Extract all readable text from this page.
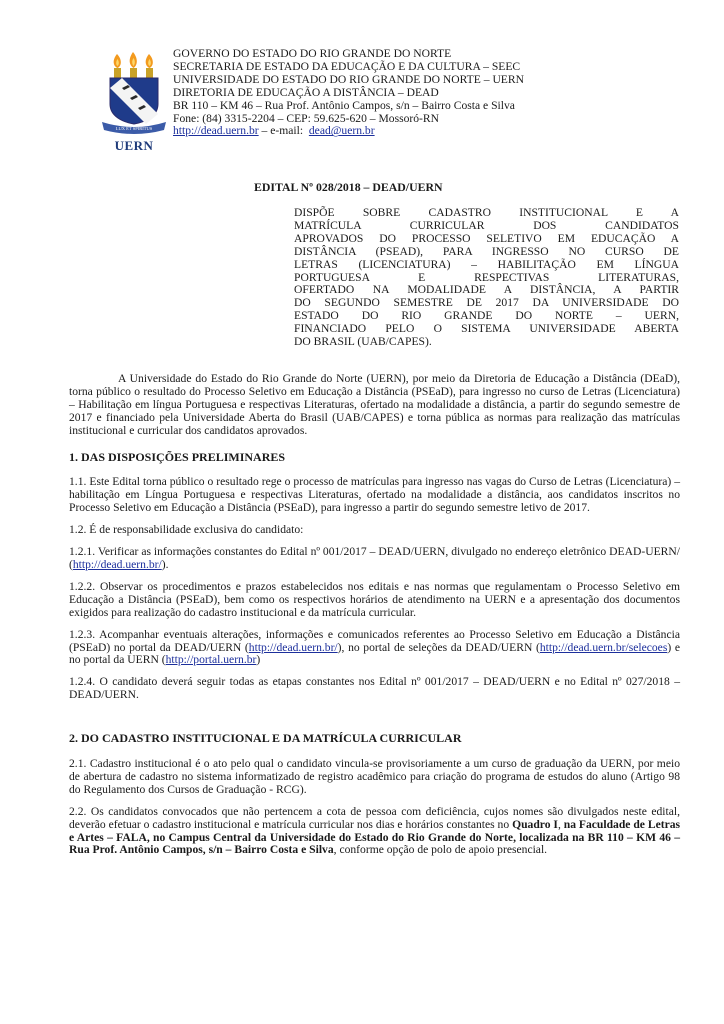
LUX ET SPIRITUS
UERN
GOVERNO DO ESTADO DO RIO GRANDE DO NORTE
SECRETARIA DE ESTADO DA EDUCAÇÃO E DA CULTURA – SEEC
UNIVERSIDADE DO ESTADO DO RIO GRANDE DO NORTE – UERN
DIRETORIA DE EDUCAÇÃO A DISTÂNCIA – DEAD
BR 110 – KM 46 – Rua Prof. Antônio Campos, s/n – Bairro Costa e Silva
Fone: (84) 3315-2204 – CEP: 59.625-620 – Mossoró-RN
http://dead.uern.br – e-mail:  dead@uern.br
EDITAL Nº 028/2018 – DEAD/UERN
DISPÕE SOBRE CADASTRO INSTITUCIONAL E A
MATRÍCULA CURRICULAR DOS CANDIDATOS
APROVADOS DO PROCESSO SELETIVO EM EDUCAÇÃO A
DISTÂNCIA (PSEAD), PARA INGRESSO NO CURSO DE
LETRAS (LICENCIATURA) – HABILITAÇÃO EM LÍNGUA
PORTUGUESA E RESPECTIVAS LITERATURAS,
OFERTADO NA MODALIDADE A DISTÂNCIA, A PARTIR
DO SEGUNDO SEMESTRE DE 2017 DA UNIVERSIDADE DO
ESTADO DO RIO GRANDE DO NORTE – UERN,
FINANCIADO PELO O SISTEMA UNIVERSIDADE ABERTA
DO BRASIL (UAB/CAPES).

A Universidade do Estado do Rio Grande do Norte (UERN), por meio da Diretoria de Educação a Distância (DEaD), torna público o resultado do Processo Seletivo em Educação a Distância (PSEaD), para ingresso no curso de Letras (Licenciatura) – Habilitação em língua Portuguesa e respectivas Literaturas, ofertado na modalidade a distância, a partir do segundo semestre de 2017 e financiado pela Universidade Aberta do Brasil (UAB/CAPES) e torna pública as normas para realização das matrículas institucional e curricular dos candidatos aprovados.

1. DAS DISPOSIÇÕES PRELIMINARES

1.1. Este Edital torna público o resultado rege o processo de matrículas para ingresso nas vagas do Curso de Letras (Licenciatura) –habilitação em Língua Portuguesa e respectivas Literaturas, ofertado na modalidade a distância, aos candidatos inscritos no Processo Seletivo em Educação a Distância (PSEaD), para ingresso a partir do segundo semestre letivo de 2017.

1.2. É de responsabilidade exclusiva do candidato:

1.2.1. Verificar as informações constantes do Edital nº 001/2017 – DEAD/UERN, divulgado no endereço eletrônico DEAD-UERN/ (http://dead.uern.br/).

1.2.2. Observar os procedimentos e prazos estabelecidos nos editais e nas normas que regulamentam o Processo Seletivo em Educação a Distância (PSEaD), bem como os respectivos horários de atendimento na UERN e a apresentação dos documentos exigidos para realização do cadastro institucional e da matrícula curricular.

1.2.3. Acompanhar eventuais alterações, informações e comunicados referentes ao Processo Seletivo em Educação a Distância (PSEaD) no portal da DEAD/UERN (http://dead.uern.br/), no portal de seleções da DEAD/UERN (http://dead.uern.br/selecoes) e no portal da UERN (http://portal.uern.br)

1.2.4. O candidato deverá seguir todas as etapas constantes nos Edital nº 001/2017 – DEAD/UERN e no Edital nº 027/2018 – DEAD/UERN.

2. DO CADASTRO INSTITUCIONAL E DA MATRÍCULA CURRICULAR

2.1. Cadastro institucional é o ato pelo qual o candidato vincula-se provisoriamente a um curso de graduação da UERN, por meio de abertura de cadastro no sistema informatizado de registro acadêmico para criação do programa de estudos do aluno (Artigo 98 do Regulamento dos Cursos de Graduação - RCG).

2.2. Os candidatos convocados que não pertencem a cota de pessoa com deficiência, cujos nomes são divulgados neste edital, deverão efetuar o cadastro institucional e matrícula curricular nos dias e horários constantes no Quadro I, na Faculdade de Letras e Artes – FALA, no Campus Central da Universidade do Estado do Rio Grande do Norte, localizada na BR 110 – KM 46 – Rua Prof. Antônio Campos, s/n – Bairro Costa e Silva, conforme opção de polo de apoio presencial.
